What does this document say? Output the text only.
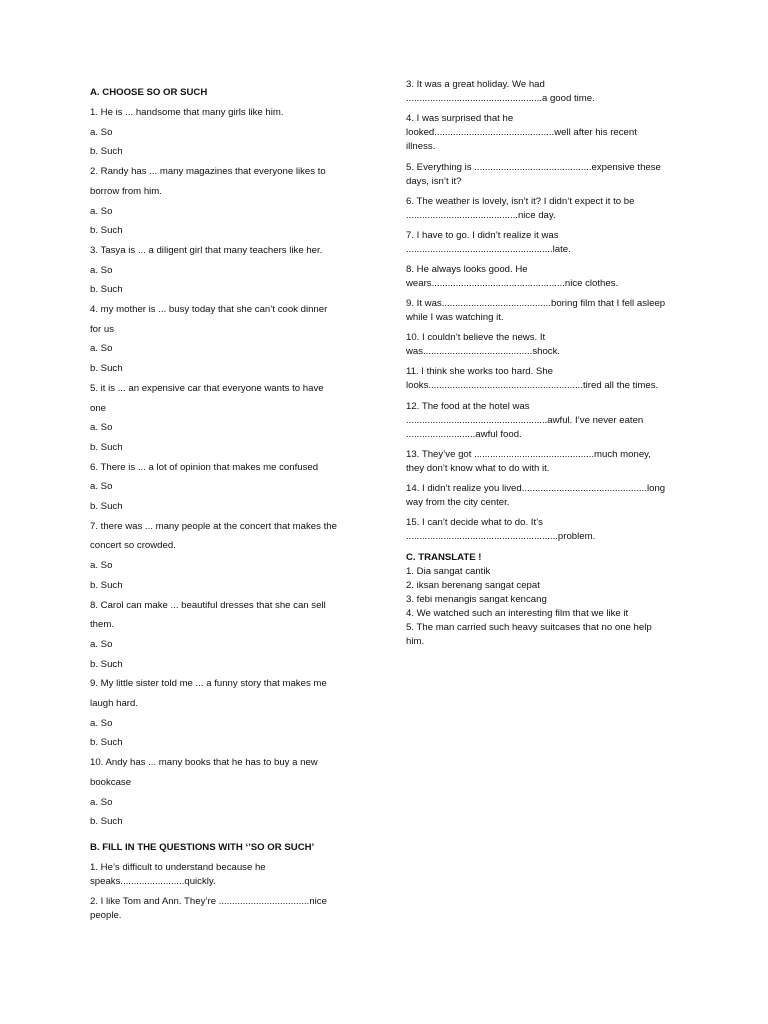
A. CHOOSE SO OR SUCH
1. He is ... handsome that many girls like him.
a. So
b. Such
2. Randy has ... many magazines that everyone likes to
borrow from him.
a. So
b. Such
3. Tasya is ... a diligent girl that many teachers like her.
a. So
b. Such
4. my mother is ... busy today that she can’t cook dinner
for us
a. So
b. Such
5. it is ... an expensive car that everyone wants to have
one
a. So
b. Such
6. There is ... a lot of opinion that makes me confused
a. So
b. Such
7. there was ... many people at the concert that makes the
concert so crowded.
a. So
b. Such
8. Carol can make ... beautiful dresses that she can sell
them.
a. So
b. Such
9. My little sister told me ... a funny story that makes me
laugh hard.
a. So
b. Such
10. Andy has ... many books that he has to buy a new
bookcase
a. So
b. Such
B. FILL IN THE QUESTIONS WITH ‘’SO OR SUCH’
1. He’s difficult to understand because he
speaks........................quickly.
2. I like Tom and Ann. They’re ..................................nice
people.
3. It was a great holiday. We had
...................................................a good time.
4. I was surprised that he
looked.............................................well after his recent
illness.
5. Everything is ............................................expensive these
days, isn’t it?
6. The weather is lovely, isn’t it? I didn’t expect it to be
..........................................nice day.
7. I have to go. I didn’t realize it was
.......................................................late.
8. He always looks good. He
wears..................................................nice clothes.
9. It was.........................................boring film that I fell asleep
while I was watching it.
10. I couldn’t believe the news. It
was.........................................shock.
11. I think she works too hard. She
looks..........................................................tired all the times.
12. The food at the hotel was
.....................................................awful. I’ve never eaten
..........................awful food.
13. They’ve got .............................................much money,
they don’t know what to do with it.
14. I didn’t realize you lived...............................................long
way from the city center.
15. I can’t decide what to do. It’s
.........................................................problem.
C. TRANSLATE !
1. Dia sangat cantik
2. iksan berenang sangat cepat
3. febi menangis sangat kencang
4. We watched such an interesting film that we like it
5. The man carried such heavy suitcases that no one help
him.
